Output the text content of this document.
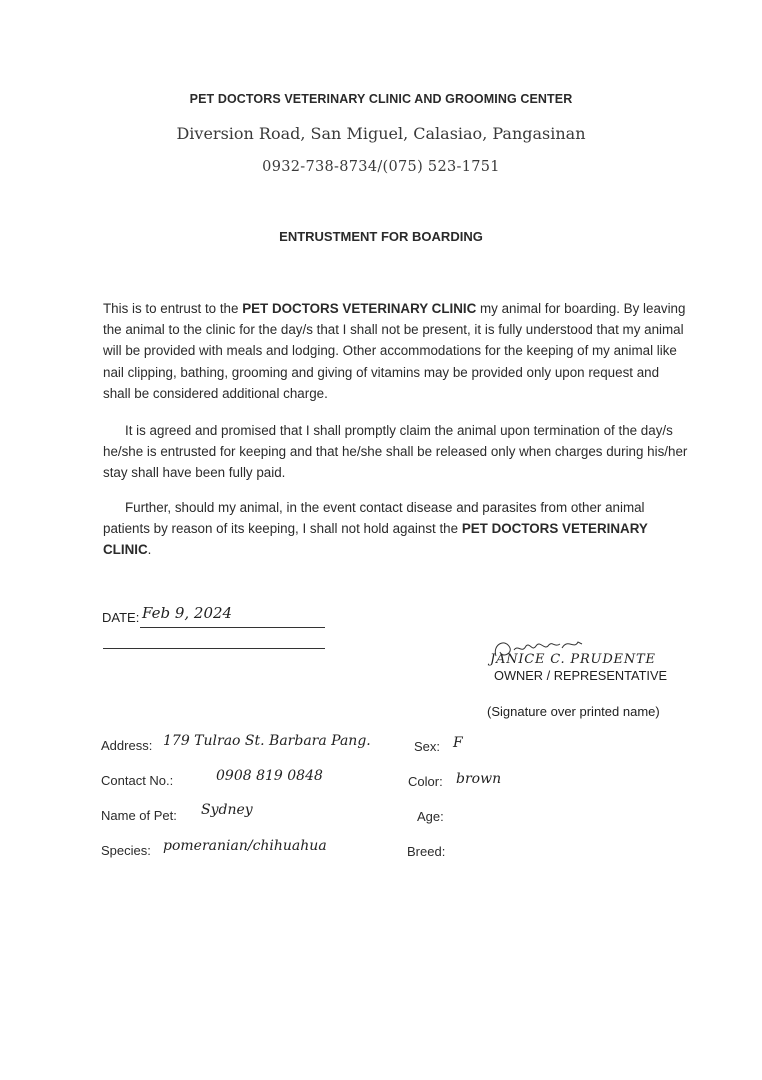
PET DOCTORS VETERINARY CLINIC AND GROOMING CENTER
Diversion Road, San Miguel, Calasiao, Pangasinan
0932-738-8734/(075) 523-1751
ENTRUSTMENT FOR BOARDING
This is to entrust to the PET DOCTORS VETERINARY CLINIC my animal for boarding. By leaving the animal to the clinic for the day/s that I shall not be present, it is fully understood that my animal will be provided with meals and lodging. Other accommodations for the keeping of my animal like nail clipping, bathing, grooming and giving of vitamins may be provided only upon request and shall be considered additional charge.
It is agreed and promised that I shall promptly claim the animal upon termination of the day/s he/she is entrusted for keeping and that he/she shall be released only when charges during his/her stay shall have been fully paid.
Further, should my animal, in the event contact disease and parasites from other animal patients by reason of its keeping, I shall not hold against the PET DOCTORS VETERINARY CLINIC.
DATE: Feb 9, 2024
JANICE C. PRUDENTE
OWNER / REPRESENTATIVE
(Signature over printed name)
Address: 179 Tulrao St. Barbara Pang.
Contact No.:	0908 819 0848
Name of Pet: Sydney
Species: pomeranian/chihuahua
Sex: F
Color: brown
Age:
Breed:
